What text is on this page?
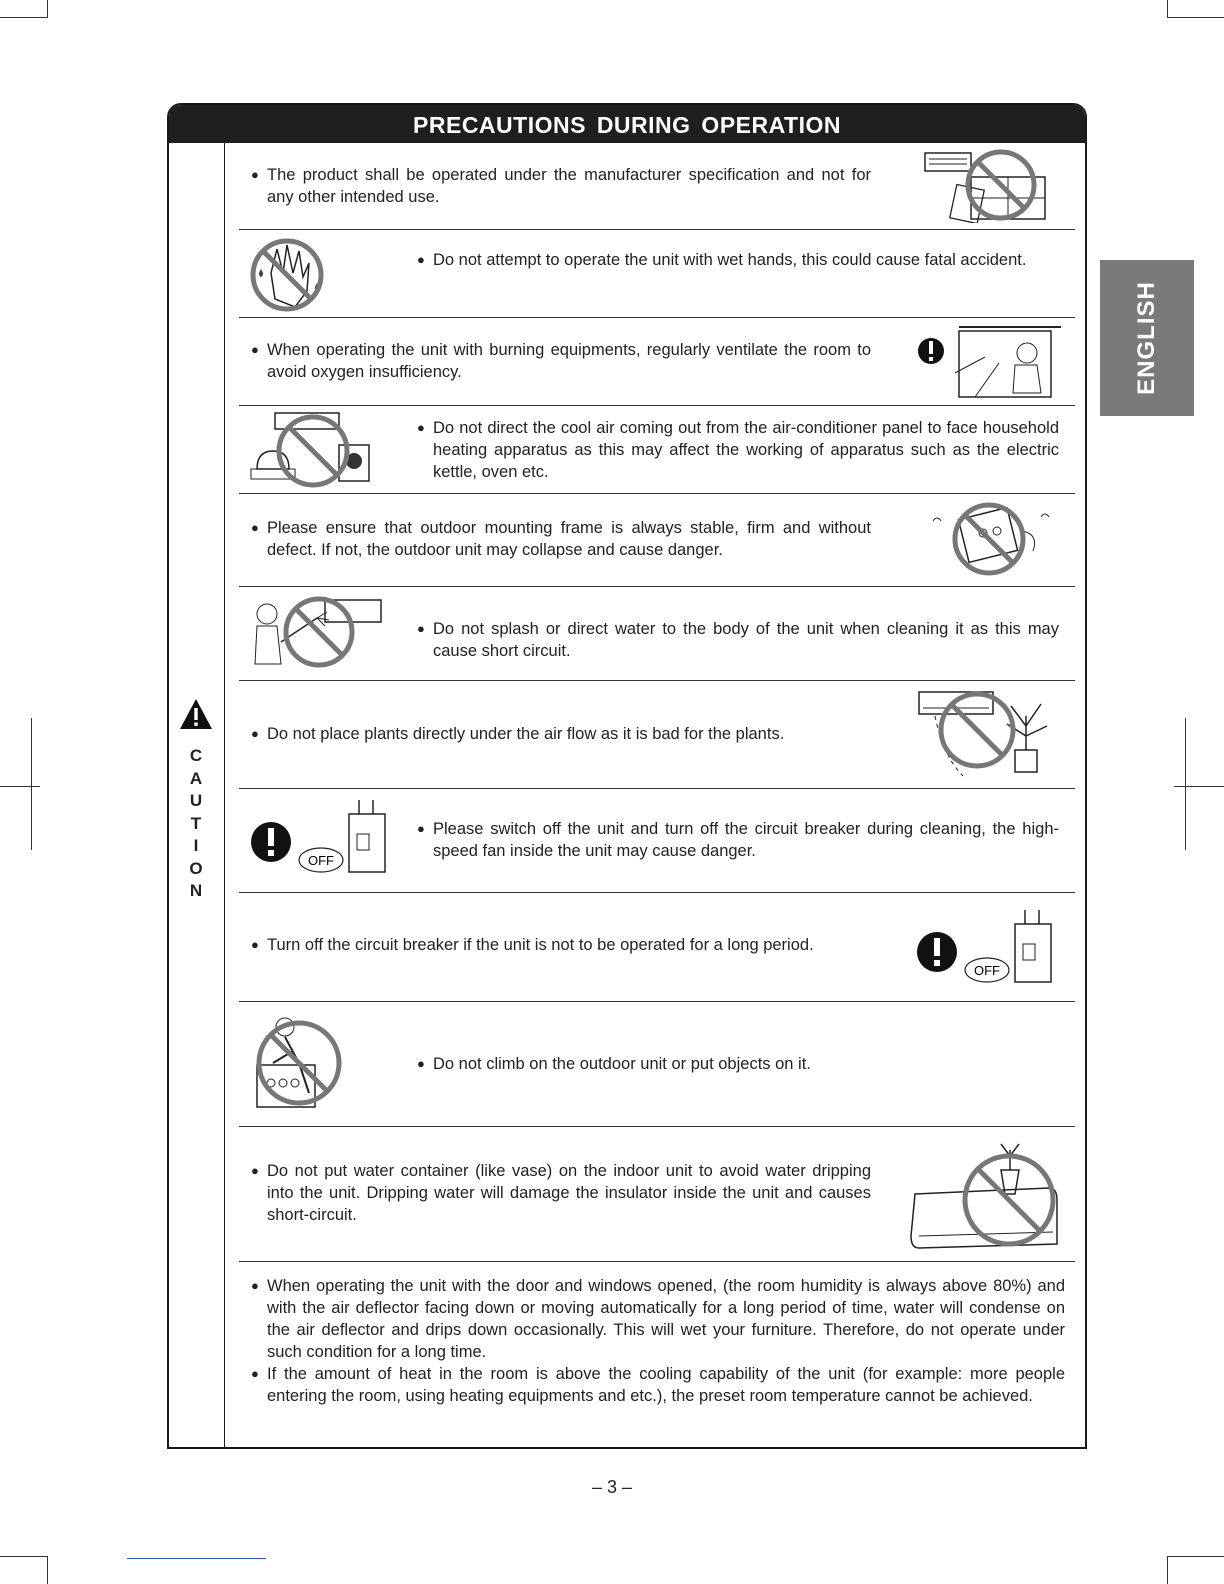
PRECAUTIONS DURING OPERATION
C
A
U
T
I
O
N

● The product shall be operated under the manufacturer specification and not for any other intended use.

● Do not attempt to operate the unit with wet hands, this could cause fatal accident.

● When operating the unit with burning equipments, regularly ventilate the room to avoid oxygen insufficiency.

● Do not direct the cool air coming out from the air-conditioner panel to face household heating apparatus as this may affect the working of apparatus such as the electric kettle, oven etc.

● Please ensure that outdoor mounting frame is always stable, firm and without defect. If not, the outdoor unit may collapse and cause danger.

● Do not splash or direct water to the body of the unit when cleaning it as this may cause short circuit.

● Do not place plants directly under the air flow as it is bad for the plants.

OFF

● Please switch off the unit and turn off the circuit breaker during cleaning, the high-speed fan inside the unit may cause danger.

● Turn off the circuit breaker if the unit is not to be operated for a long period.

OFF

● Do not climb on the outdoor unit or put objects on it.

● Do not put water container (like vase) on the indoor unit to avoid water dripping into the unit. Dripping water will damage the insulator inside the unit and causes short-circuit.

● When operating the unit with the door and windows opened, (the room humidity is always above 80%) and with the air deflector facing down or moving automatically for a long period of time, water will condense on the air deflector and drips down occasionally. This will wet your furniture. Therefore, do not operate under such condition for a long time.

● If the amount of heat in the room is above the cooling capability of the unit (for example: more people entering the room, using heating equipments and etc.), the preset room temperature cannot be achieved.

ENGLISH
– 3 –
